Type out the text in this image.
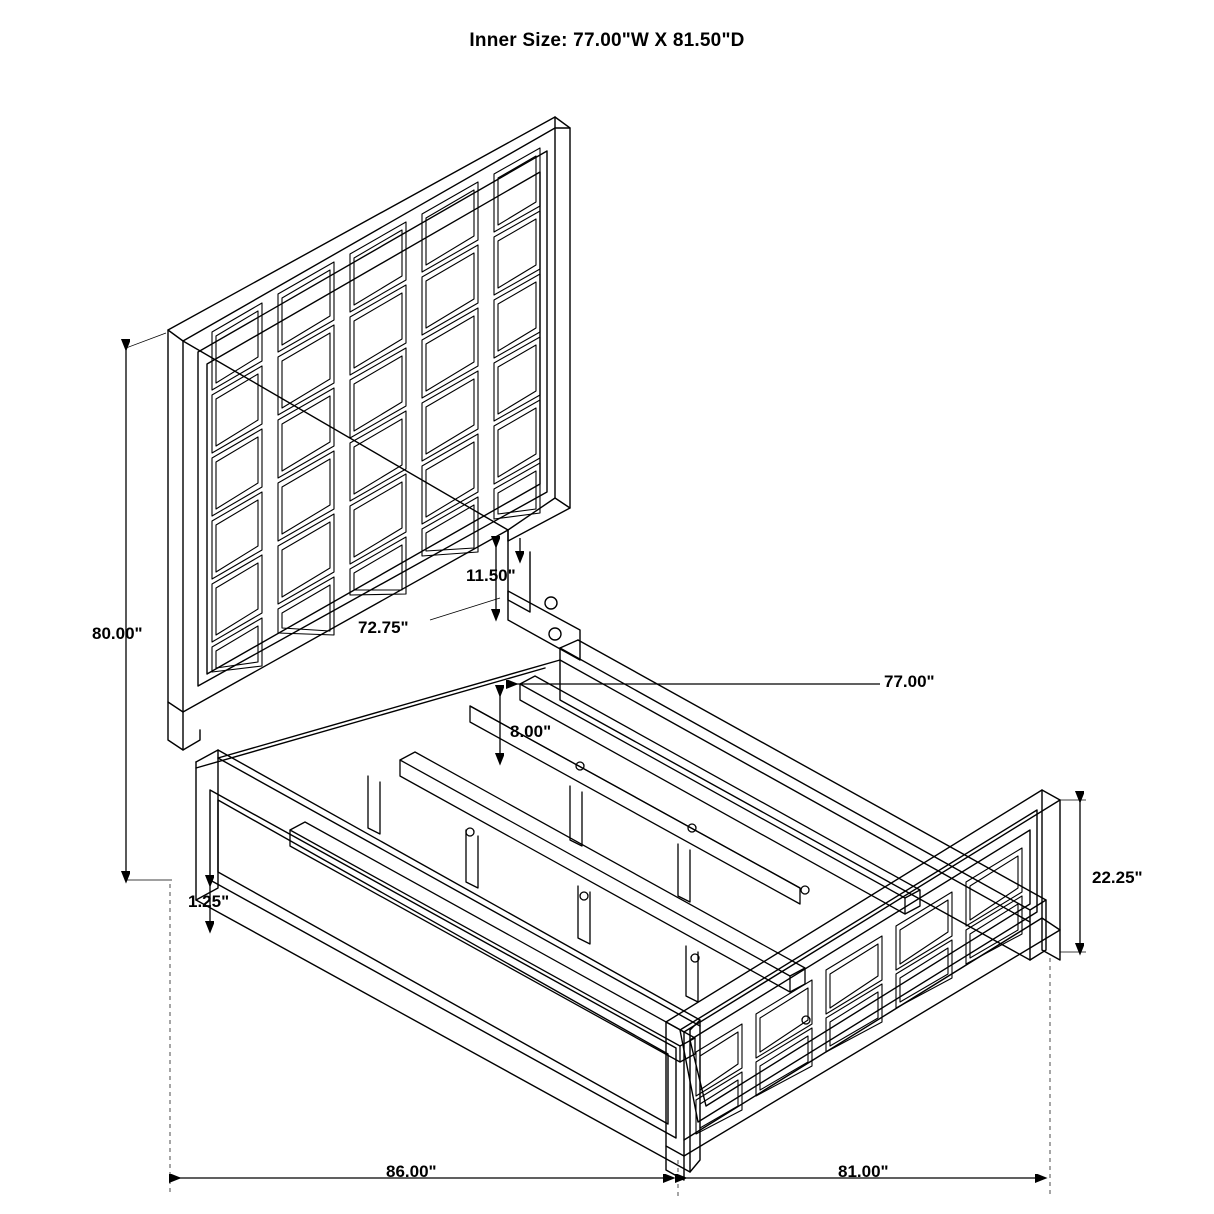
Inner Size: 77.00"W X 81.50"D
80.00"
11.50"
72.75"
77.00"
8.00"
1.25"
22.25"
86.00"	81.00"
